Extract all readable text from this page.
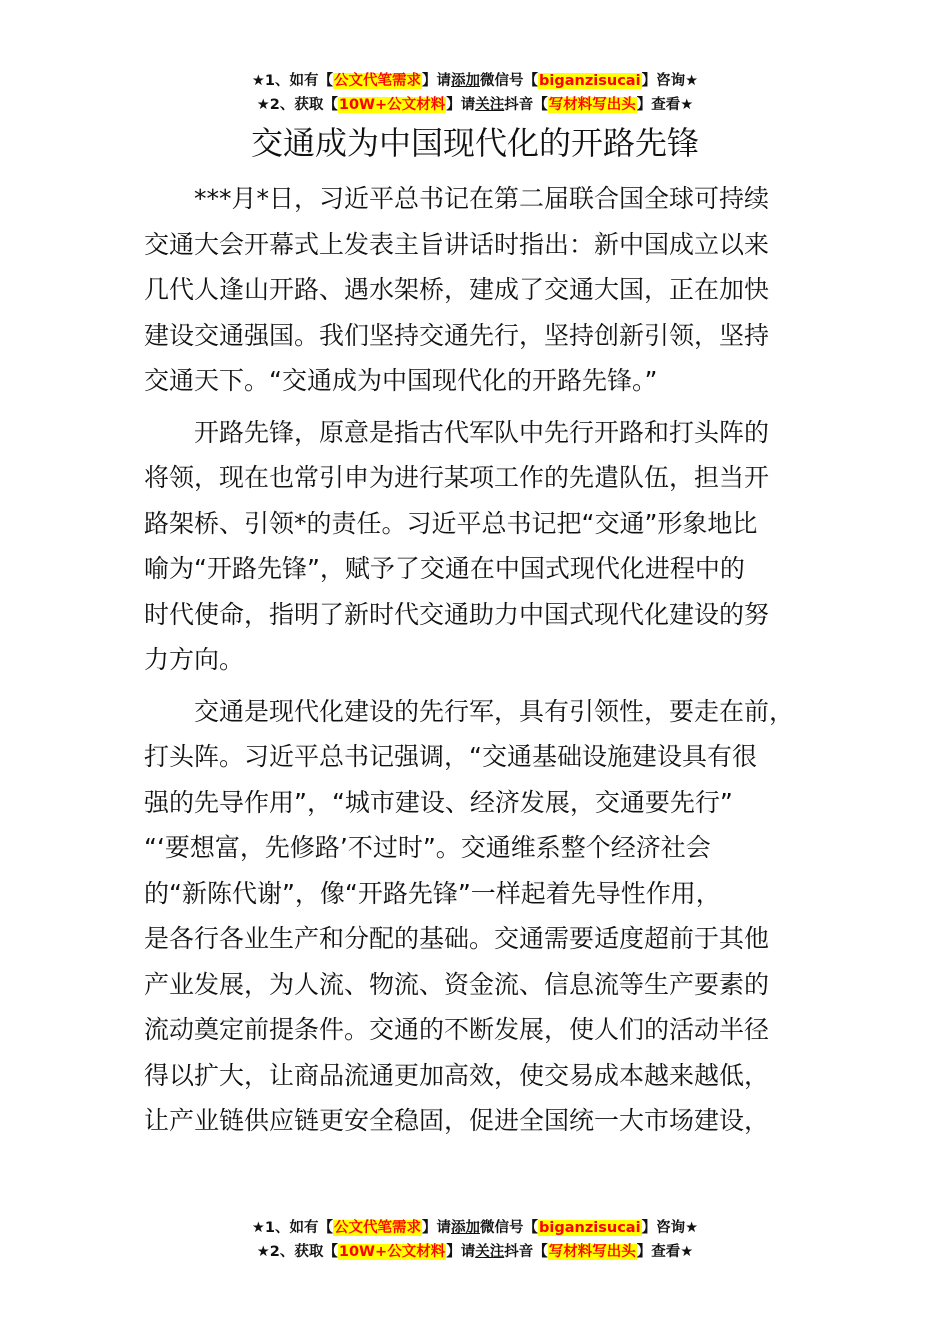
★1、如有【公文代笔需求】请添加微信号【biganzisucai】咨询★
★2、获取【10W+公文材料】请关注抖音【写材料写出头】查看★
交通成为中国现代化的开路先锋
***月*日，习近平总书记在第二届联合国全球可持续
交通大会开幕式上发表主旨讲话时指出：新中国成立以来
几代人逢山开路、遇水架桥，建成了交通大国，正在加快
建设交通强国。我们坚持交通先行，坚持创新引领，坚持
交通天下。“交通成为中国现代化的开路先锋。”
开路先锋，原意是指古代军队中先行开路和打头阵的
将领，现在也常引申为进行某项工作的先遣队伍，担当开
路架桥、引领*的责任。习近平总书记把“交通”形象地比
喻为“开路先锋”，赋予了交通在中国式现代化进程中的
时代使命，指明了新时代交通助力中国式现代化建设的努
力方向。
交通是现代化建设的先行军，具有引领性，要走在前，
打头阵。习近平总书记强调，“交通基础设施建设具有很
强的先导作用”，“城市建设、经济发展，交通要先行”
“‘要想富，先修路’不过时”。交通维系整个经济社会
的“新陈代谢”，像“开路先锋”一样起着先导性作用，
是各行各业生产和分配的基础。交通需要适度超前于其他
产业发展，为人流、物流、资金流、信息流等生产要素的
流动奠定前提条件。交通的不断发展，使人们的活动半径
得以扩大，让商品流通更加高效，使交易成本越来越低，
让产业链供应链更安全稳固，促进全国统一大市场建设，
★1、如有【公文代笔需求】请添加微信号【biganzisucai】咨询★
★2、获取【10W+公文材料】请关注抖音【写材料写出头】查看★
